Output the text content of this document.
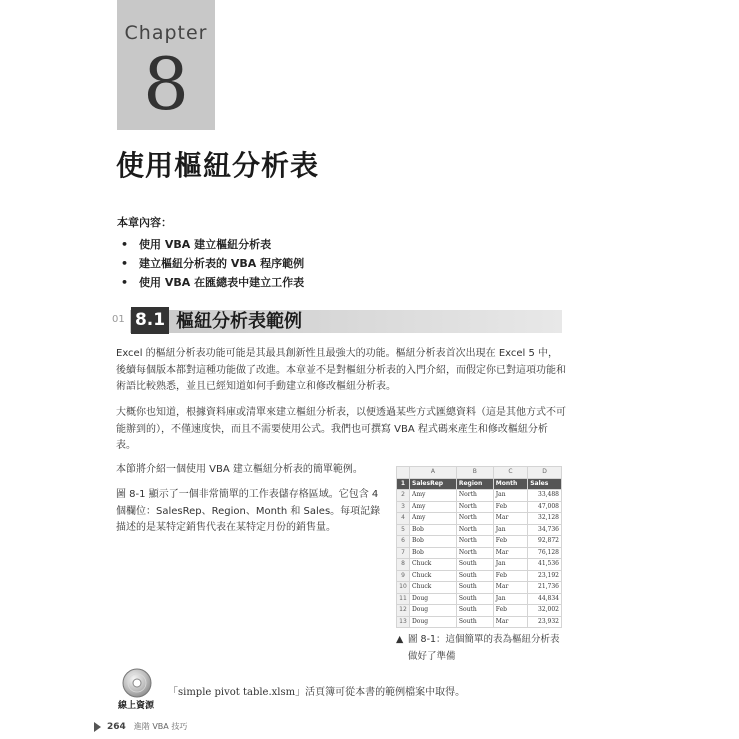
Chapter
8
使用樞紐分析表
本章內容：
• 使用 VBA 建立樞紐分析表
• 建立樞紐分析表的 VBA 程序範例
• 使用 VBA 在匯總表中建立工作表
01 8.1 樞紐分析表範例

Excel 的樞紐分析表功能可能是其最具創新性且最強大的功能。樞紐分析表首次出現在 Excel 5 中，後續每個版本都對這種功能做了改進。本章並不是對樞紐分析表的入門介紹，而假定你已對這項功能和術語比較熟悉，並且已經知道如何手動建立和修改樞紐分析表。

大概你也知道，根據資料庫或清單來建立樞紐分析表，以便透過某些方式匯總資料（這是其他方式不可能辦到的），不僅速度快，而且不需要使用公式。我們也可撰寫 VBA 程式碼來產生和修改樞紐分析表。

本節將介紹一個使用 VBA 建立樞紐分析表的簡單範例。

圖 8-1 顯示了一個非常簡單的工作表儲存格區域。它包含 4 個欄位：SalesRep、Region、Month 和 Sales。每項記錄描述的是某特定銷售代表在某特定月份的銷售量。

	A	B	C	D
1	SalesRep	Region	Month	Sales
2	Amy	North	Jan	33,488
3	Amy	North	Feb	47,008
4	Amy	North	Mar	32,128
5	Bob	North	Jan	34,736
6	Bob	North	Feb	92,872
7	Bob	North	Mar	76,128
8	Chuck	South	Jan	41,536
9	Chuck	South	Feb	23,192
10	Chuck	South	Mar	21,736
11	Doug	South	Jan	44,834
12	Doug	South	Feb	32,002
13	Doug	South	Mar	23,932
▲ 圖 8-1：這個簡單的表為樞紐分析表
做好了準備
線上資源
「simple pivot table.xlsm」活頁簿可從本書的範例檔案中取得。
264 進階 VBA 技巧
